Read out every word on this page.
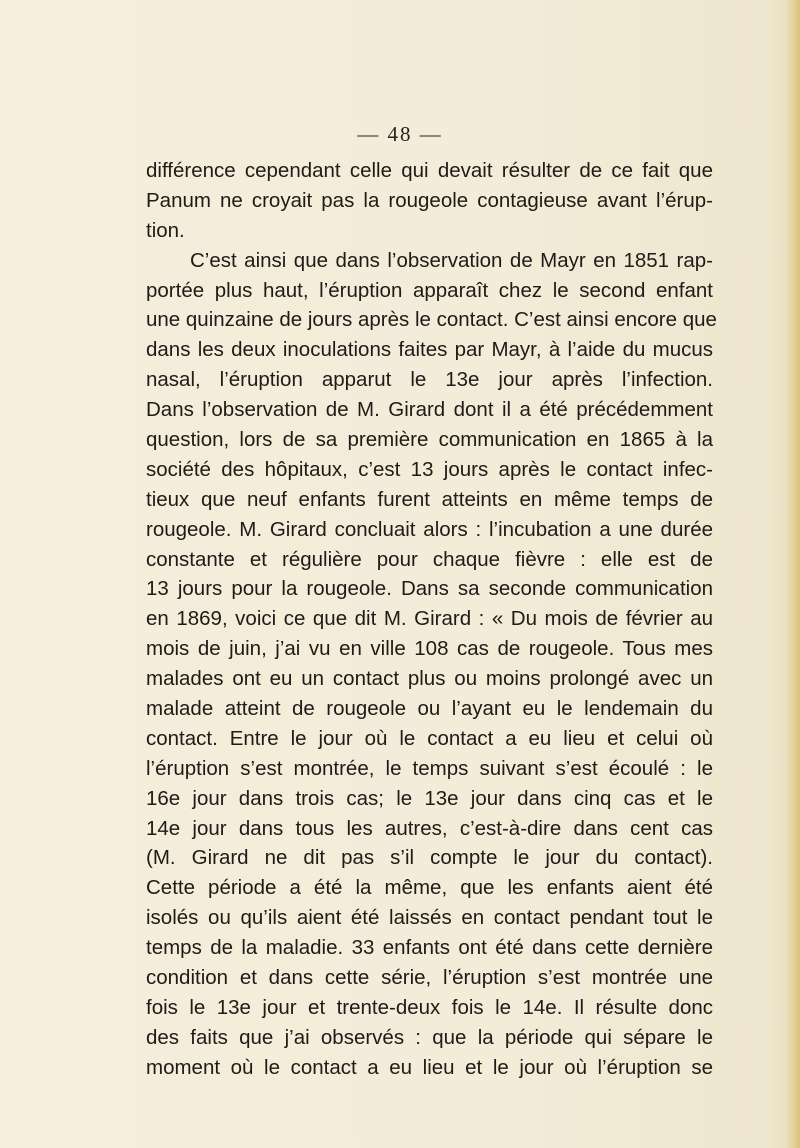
— 48 —
différence cependant celle qui devait résulter de ce fait que
Panum ne croyait pas la rougeole contagieuse avant l’érup-
tion.
C’est ainsi que dans l’observation de Mayr en 1851 rap-
portée plus haut, l’éruption apparaît chez le second enfant
une quinzaine de jours après le contact. C’est ainsi encore que
dans les deux inoculations faites par Mayr, à l’aide du mucus
nasal, l’éruption apparut le 13e jour après l’infection.
Dans l’observation de M. Girard dont il a été précédemment
question, lors de sa première communication en 1865 à la
société des hôpitaux, c’est 13 jours après le contact infec-
tieux que neuf enfants furent atteints en même temps de
rougeole. M. Girard concluait alors : l’incubation a une durée
constante et régulière pour chaque fièvre : elle est de
13 jours pour la rougeole. Dans sa seconde communication
en 1869, voici ce que dit M. Girard : « Du mois de février au
mois de juin, j’ai vu en ville 108 cas de rougeole. Tous mes
malades ont eu un contact plus ou moins prolongé avec un
malade atteint de rougeole ou l’ayant eu le lendemain du
contact. Entre le jour où le contact a eu lieu et celui où
l’éruption s’est montrée, le temps suivant s’est écoulé : le
16e jour dans trois cas; le 13e jour dans cinq cas et le
14e jour dans tous les autres, c’est-à-dire dans cent cas
(M. Girard ne dit pas s’il compte le jour du contact).
Cette période a été la même, que les enfants aient été
isolés ou qu’ils aient été laissés en contact pendant tout le
temps de la maladie. 33 enfants ont été dans cette dernière
condition et dans cette série, l’éruption s’est montrée une
fois le 13e jour et trente-deux fois le 14e. Il résulte donc
des faits que j’ai observés : que la période qui sépare le
moment où le contact a eu lieu et le jour où l’éruption se
